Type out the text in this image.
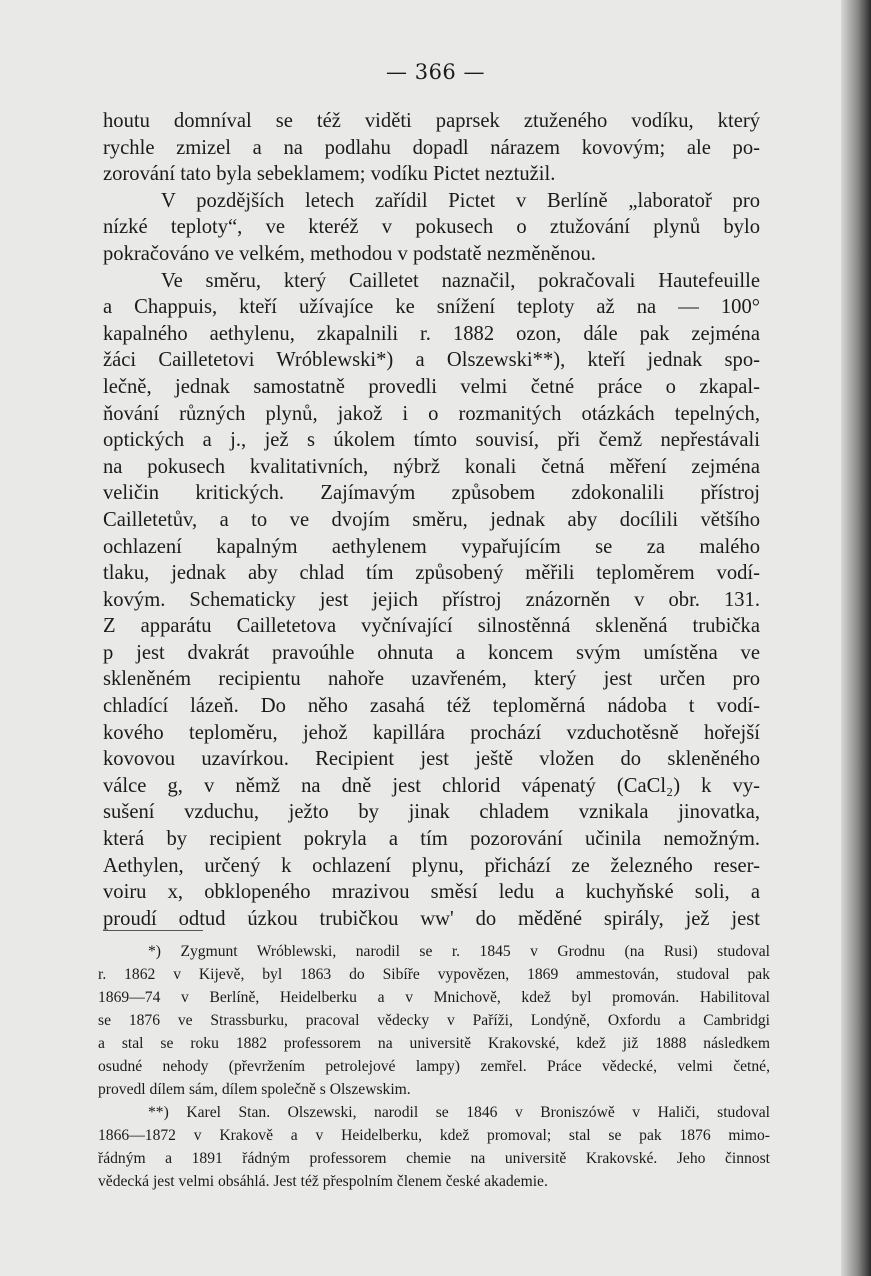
— 366 —
houtu domníval se též viděti paprsek ztuženého vodíku, který
rychle zmizel a na podlahu dopadl nárazem kovovým; ale po-
zorování tato byla sebeklamem; vodíku Pictet neztužil.
V pozdějších letech zařídil Pictet v Berlíně „laboratoř pro
nízké teploty“, ve kteréž v pokusech o ztužování plynů bylo
pokračováno ve velkém, methodou v podstatě nezměněnou.
Ve směru, který Cailletet naznačil, pokračovali Hautefeuille
a Chappuis, kteří užívajíce ke snížení teploty až na — 100°
kapalného aethylenu, zkapalnili r. 1882 ozon, dále pak zejména
žáci Cailletetovi Wróblewski*) a Olszewski**), kteří jednak spo-
lečně, jednak samostatně provedli velmi četné práce o zkapal-
ňování různých plynů, jakož i o rozmanitých otázkách tepelných,
optických a j., jež s úkolem tímto souvisí, při čemž nepřestávali
na pokusech kvalitativních, nýbrž konali četná měření zejména
veličin kritických. Zajímavým způsobem zdokonalili přístroj
Cailletetův, a to ve dvojím směru, jednak aby docílili většího
ochlazení kapalným aethylenem vypařujícím se za malého
tlaku, jednak aby chlad tím způsobený měřili teploměrem vodí-
kovým. Schematicky jest jejich přístroj znázorněn v obr. 131.
Z apparátu Cailletetova vyčnívající silnostěnná skleněná trubička
p jest dvakrát pravoúhle ohnuta a koncem svým umístěna ve
skleněném recipientu nahoře uzavřeném, který jest určen pro
chladící lázeň. Do něho zasahá též teploměrná nádoba t vodí-
kového teploměru, jehož kapillára prochází vzduchotěsně hořejší
kovovou uzavírkou. Recipient jest ještě vložen do skleněného
válce g, v němž na dně jest chlorid vápenatý (CaCl₂) k vy-
sušení vzduchu, ježto by jinak chladem vznikala jinovatka,
která by recipient pokryla a tím pozorování učinila nemožným.
Aethylen, určený k ochlazení plynu, přichází ze železného reser-
voiru x, obklopeného mrazivou směsí ledu a kuchyňské soli, a
proudí odtud úzkou trubičkou ww' do měděné spirály, jež jest
*) Zygmunt Wróblewski, narodil se r. 1845 v Grodnu (na Rusi) studoval
r. 1862 v Kijevě, byl 1863 do Sibíře vypovězen, 1869 ammestován, studoval pak
1869—74 v Berlíně, Heidelberku a v Mnichově, kdež byl promován. Habilitoval
se 1876 ve Strassburku, pracoval vědecky v Paříži, Londýně, Oxfordu a Cambridgi
a stal se roku 1882 professorem na universitě Krakovské, kdež již 1888 následkem
osudné nehody (převržením petrolejové lampy) zemřel. Práce vědecké, velmi četné,
provedl dílem sám, dílem společně s Olszewskim.
**) Karel Stan. Olszewski, narodil se 1846 v Broniszówě v Haliči, studoval
1866—1872 v Krakově a v Heidelberku, kdež promoval; stal se pak 1876 mimo-
řádným a 1891 řádným professorem chemie na universitě Krakovské. Jeho činnost
vědecká jest velmi obsáhlá. Jest též přespolním členem české akademie.
